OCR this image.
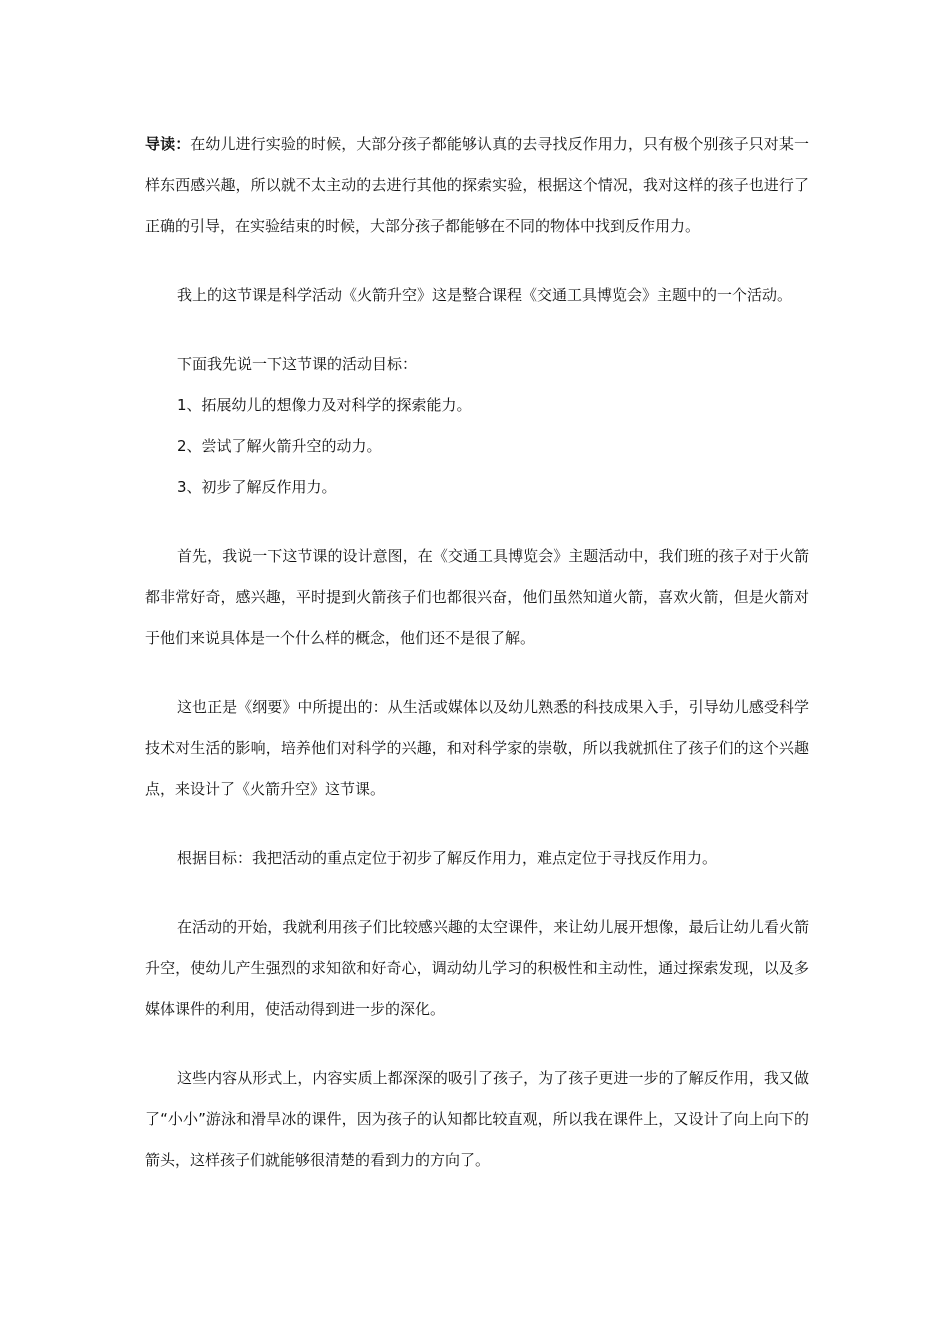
导读：在幼儿进行实验的时候，大部分孩子都能够认真的去寻找反作用力，只有极个别孩子只对某一样东西感兴趣，所以就不太主动的去进行其他的探索实验，根据这个情况，我对这样的孩子也进行了正确的引导，在实验结束的时候，大部分孩子都能够在不同的物体中找到反作用力。

我上的这节课是科学活动《火箭升空》这是整合课程《交通工具博览会》主题中的一个活动。

下面我先说一下这节课的活动目标：

1、拓展幼儿的想像力及对科学的探索能力。

2、尝试了解火箭升空的动力。

3、初步了解反作用力。

首先，我说一下这节课的设计意图，在《交通工具博览会》主题活动中，我们班的孩子对于火箭都非常好奇，感兴趣，平时提到火箭孩子们也都很兴奋，他们虽然知道火箭，喜欢火箭，但是火箭对于他们来说具体是一个什么样的概念，他们还不是很了解。

这也正是《纲要》中所提出的：从生活或媒体以及幼儿熟悉的科技成果入手，引导幼儿感受科学技术对生活的影响，培养他们对科学的兴趣，和对科学家的崇敬，所以我就抓住了孩子们的这个兴趣点，来设计了《火箭升空》这节课。

根据目标：我把活动的重点定位于初步了解反作用力，难点定位于寻找反作用力。

在活动的开始，我就利用孩子们比较感兴趣的太空课件，来让幼儿展开想像，最后让幼儿看火箭升空，使幼儿产生强烈的求知欲和好奇心，调动幼儿学习的积极性和主动性，通过探索发现，以及多媒体课件的利用，使活动得到进一步的深化。

这些内容从形式上，内容实质上都深深的吸引了孩子，为了孩子更进一步的了解反作用，我又做了“小小”游泳和滑旱冰的课件，因为孩子的认知都比较直观，所以我在课件上，又设计了向上向下的箭头，这样孩子们就能够很清楚的看到力的方向了。
